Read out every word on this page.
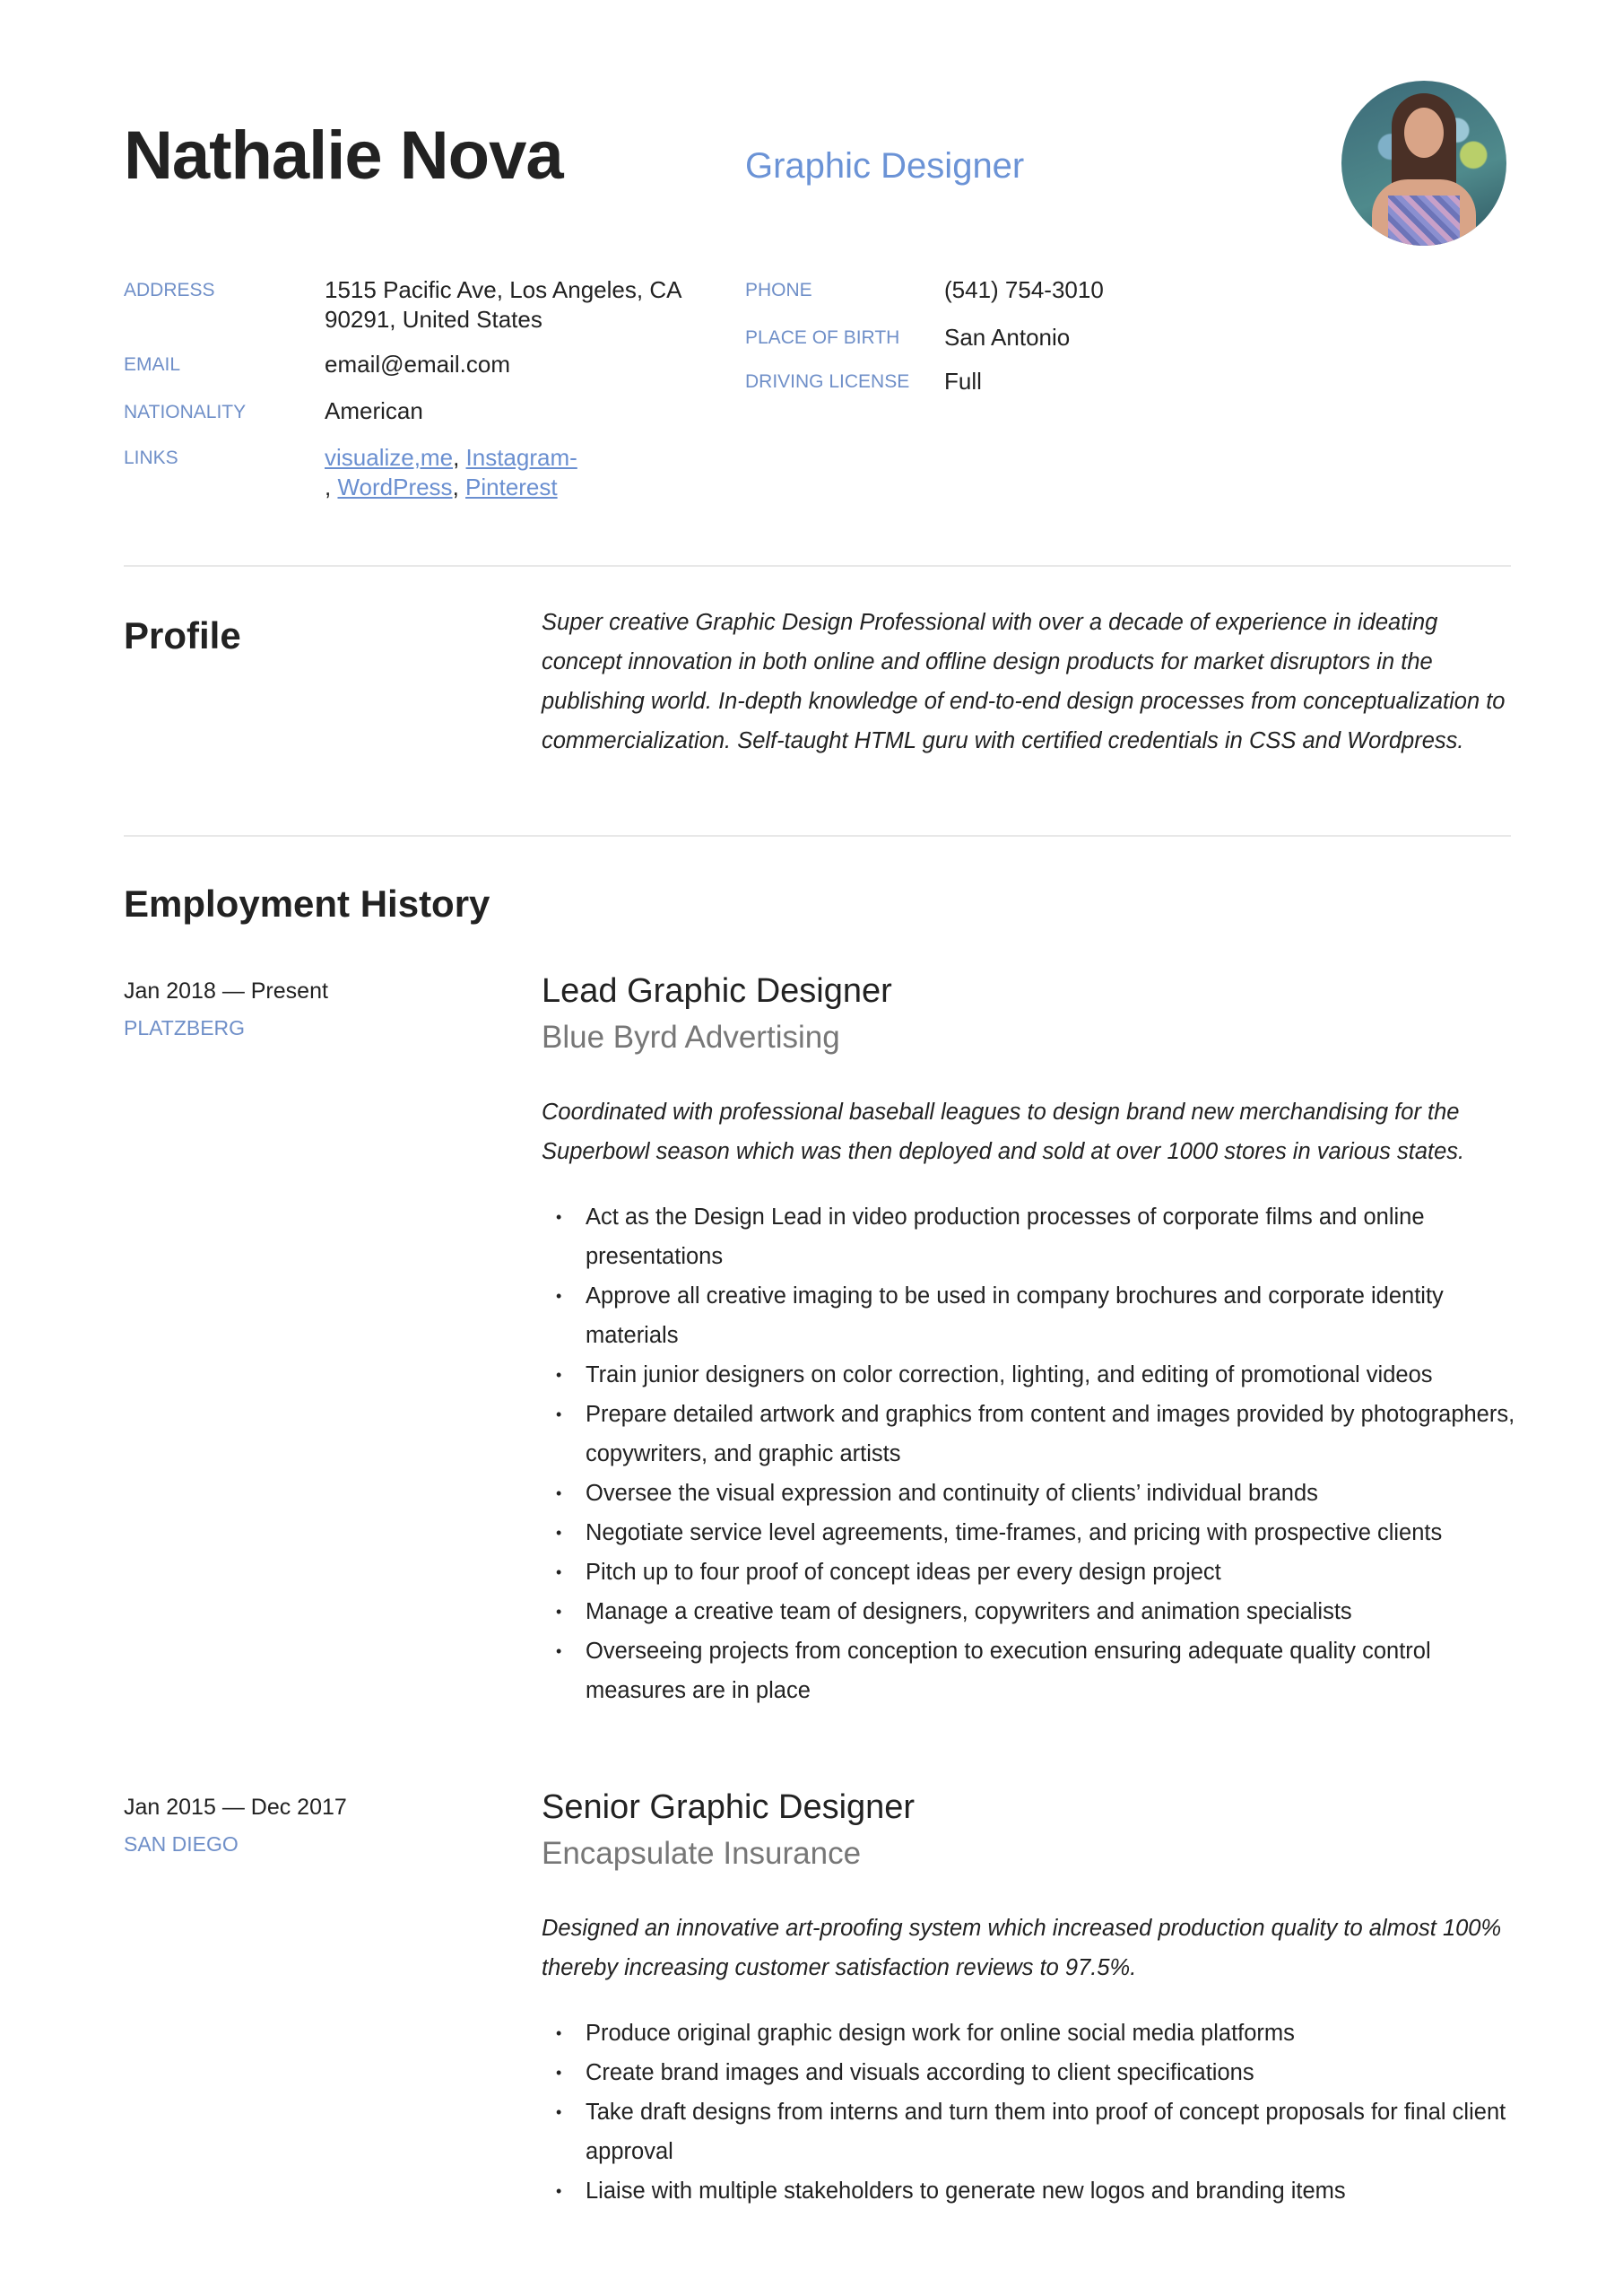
Nathalie Nova	Graphic Designer
ADDRESS	1515 Pacific Ave, Los Angeles, CA 90291, United States
EMAIL	email@email.com
NATIONALITY	American
LINKS	visualize,me, Instagram-
, WordPress, Pinterest
PHONE	(541) 754-3010
PLACE OF BIRTH San Antonio
DRIVING LICENSE Full
Profile	Super creative Graphic Design Professional with over a decade of experience in ideating concept innovation in both online and offline design products for market disruptors in the publishing world. In-depth knowledge of end-to-end design processes from conceptualization to commercialization. Self-taught HTML guru with certified credentials in CSS and Wordpress.
Employment History
Jan 2018 — Present
PLATZBERG
Lead Graphic Designer
Blue Byrd Advertising
Coordinated with professional baseball leagues to design brand new merchandising for the Superbowl season which was then deployed and sold at over 1000 stores in various states.
• Act as the Design Lead in video production processes of corporate films and online presentations
• Approve all creative imaging to be used in company brochures and corporate identity materials
• Train junior designers on color correction, lighting, and editing of promotional videos
• Prepare detailed artwork and graphics from content and images provided by photographers, copywriters, and graphic artists
• Oversee the visual expression and continuity of clients’ individual brands
• Negotiate service level agreements, time-frames, and pricing with prospective clients
• Pitch up to four proof of concept ideas per every design project
• Manage a creative team of designers, copywriters and animation specialists
• Overseeing projects from conception to execution ensuring adequate quality control measures are in place
Jan 2015 — Dec 2017
SAN DIEGO
Senior Graphic Designer
Encapsulate Insurance
Designed an innovative art-proofing system which increased production quality to almost 100% thereby increasing customer satisfaction reviews to 97.5%.
• Produce original graphic design work for online social media platforms
• Create brand images and visuals according to client specifications
• Take draft designs from interns and turn them into proof of concept proposals for final client approval
• Liaise with multiple stakeholders to generate new logos and branding items
